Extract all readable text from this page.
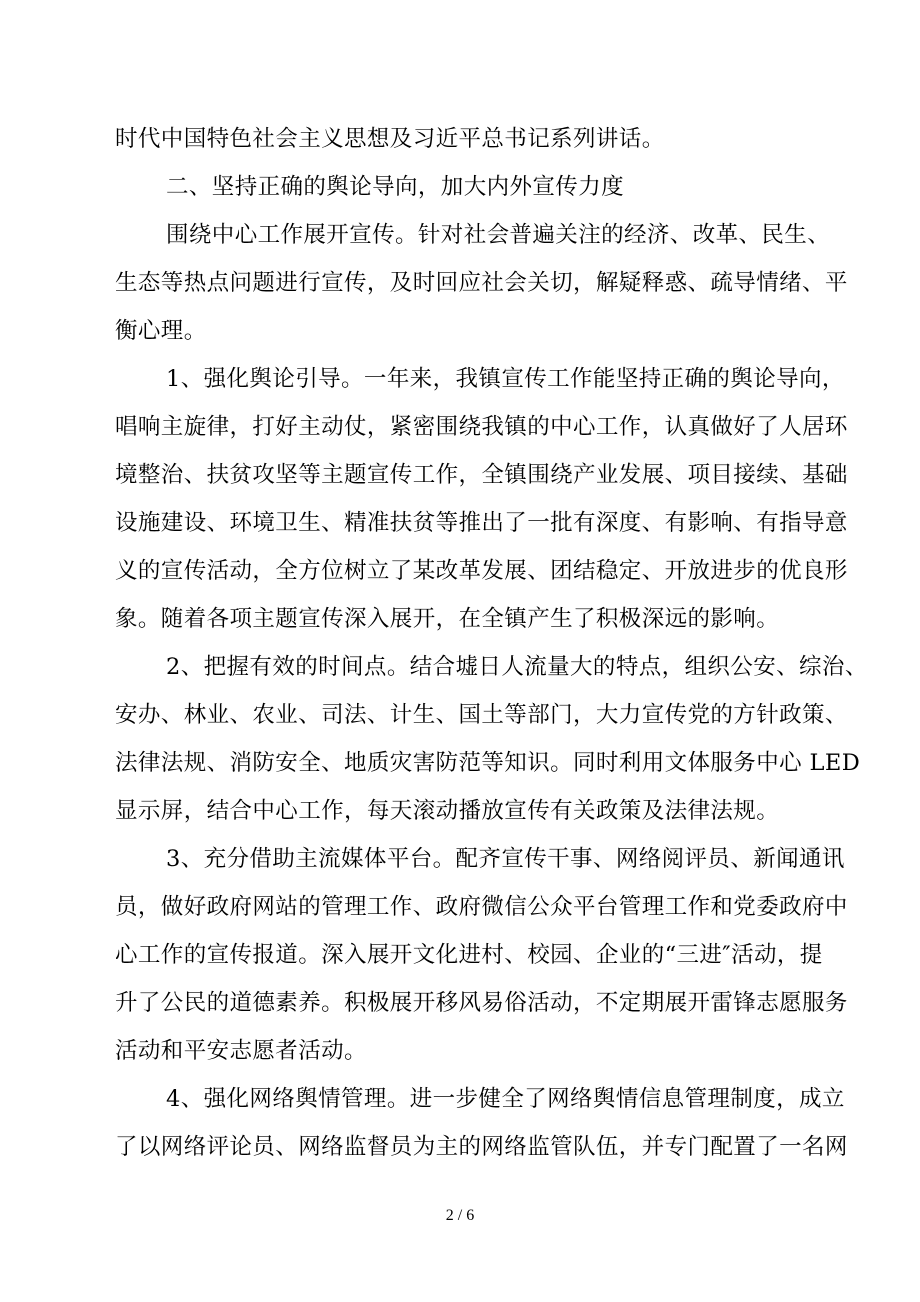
时代中国特色社会主义思想及习近平总书记系列讲话。
二、坚持正确的舆论导向，加大内外宣传力度
围绕中心工作展开宣传。针对社会普遍关注的经济、改革、民生、
生态等热点问题进行宣传，及时回应社会关切，解疑释惑、疏导情绪、平
衡心理。
1、强化舆论引导。一年来，我镇宣传工作能坚持正确的舆论导向，
唱响主旋律，打好主动仗，紧密围绕我镇的中心工作，认真做好了人居环
境整治、扶贫攻坚等主题宣传工作，全镇围绕产业发展、项目接续、基础
设施建设、环境卫生、精准扶贫等推出了一批有深度、有影响、有指导意
义的宣传活动，全方位树立了某改革发展、团结稳定、开放进步的优良形
象。随着各项主题宣传深入展开，在全镇产生了积极深远的影响。
2、把握有效的时间点。结合墟日人流量大的特点，组织公安、综治、
安办、林业、农业、司法、计生、国土等部门，大力宣传党的方针政策、
法律法规、消防安全、地质灾害防范等知识。同时利用文体服务中心 LED
显示屏，结合中心工作，每天滚动播放宣传有关政策及法律法规。
3、充分借助主流媒体平台。配齐宣传干事、网络阅评员、新闻通讯
员，做好政府网站的管理工作、政府微信公众平台管理工作和党委政府中
心工作的宣传报道。深入展开文化进村、校园、企业的“三进″活动，提
升了公民的道德素养。积极展开移风易俗活动，不定期展开雷锋志愿服务
活动和平安志愿者活动。
4、强化网络舆情管理。进一步健全了网络舆情信息管理制度，成立
了以网络评论员、网络监督员为主的网络监管队伍，并专门配置了一名网
2 / 6
